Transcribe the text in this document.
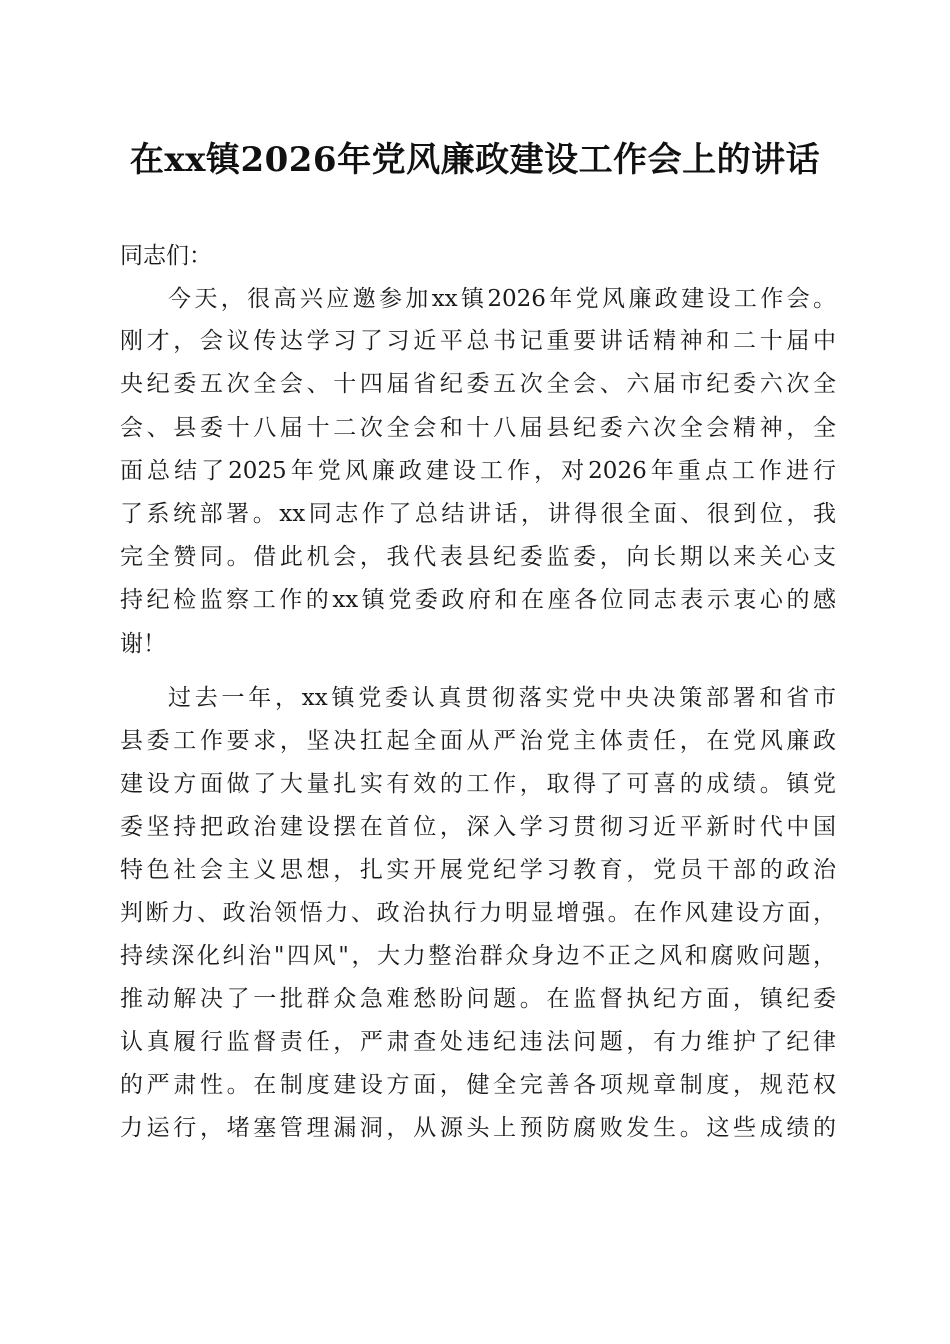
在xx镇2026年党风廉政建设工作会上的讲话
同志们：
今天，很高兴应邀参加xx镇2026年党风廉政建设工作会。
刚才，会议传达学习了习近平总书记重要讲话精神和二十届中
央纪委五次全会、十四届省纪委五次全会、六届市纪委六次全
会、县委十八届十二次全会和十八届县纪委六次全会精神，全
面总结了2025年党风廉政建设工作，对2026年重点工作进行
了系统部署。xx同志作了总结讲话，讲得很全面、很到位，我
完全赞同。借此机会，我代表县纪委监委，向长期以来关心支
持纪检监察工作的xx镇党委政府和在座各位同志表示衷心的感
谢！
过去一年，xx镇党委认真贯彻落实党中央决策部署和省市
县委工作要求，坚决扛起全面从严治党主体责任，在党风廉政
建设方面做了大量扎实有效的工作，取得了可喜的成绩。镇党
委坚持把政治建设摆在首位，深入学习贯彻习近平新时代中国
特色社会主义思想，扎实开展党纪学习教育，党员干部的政治
判断力、政治领悟力、政治执行力明显增强。在作风建设方面，
持续深化纠治"四风"，大力整治群众身边不正之风和腐败问题，
推动解决了一批群众急难愁盼问题。在监督执纪方面，镇纪委
认真履行监督责任，严肃查处违纪违法问题，有力维护了纪律
的严肃性。在制度建设方面，健全完善各项规章制度，规范权
力运行，堵塞管理漏洞，从源头上预防腐败发生。这些成绩的
